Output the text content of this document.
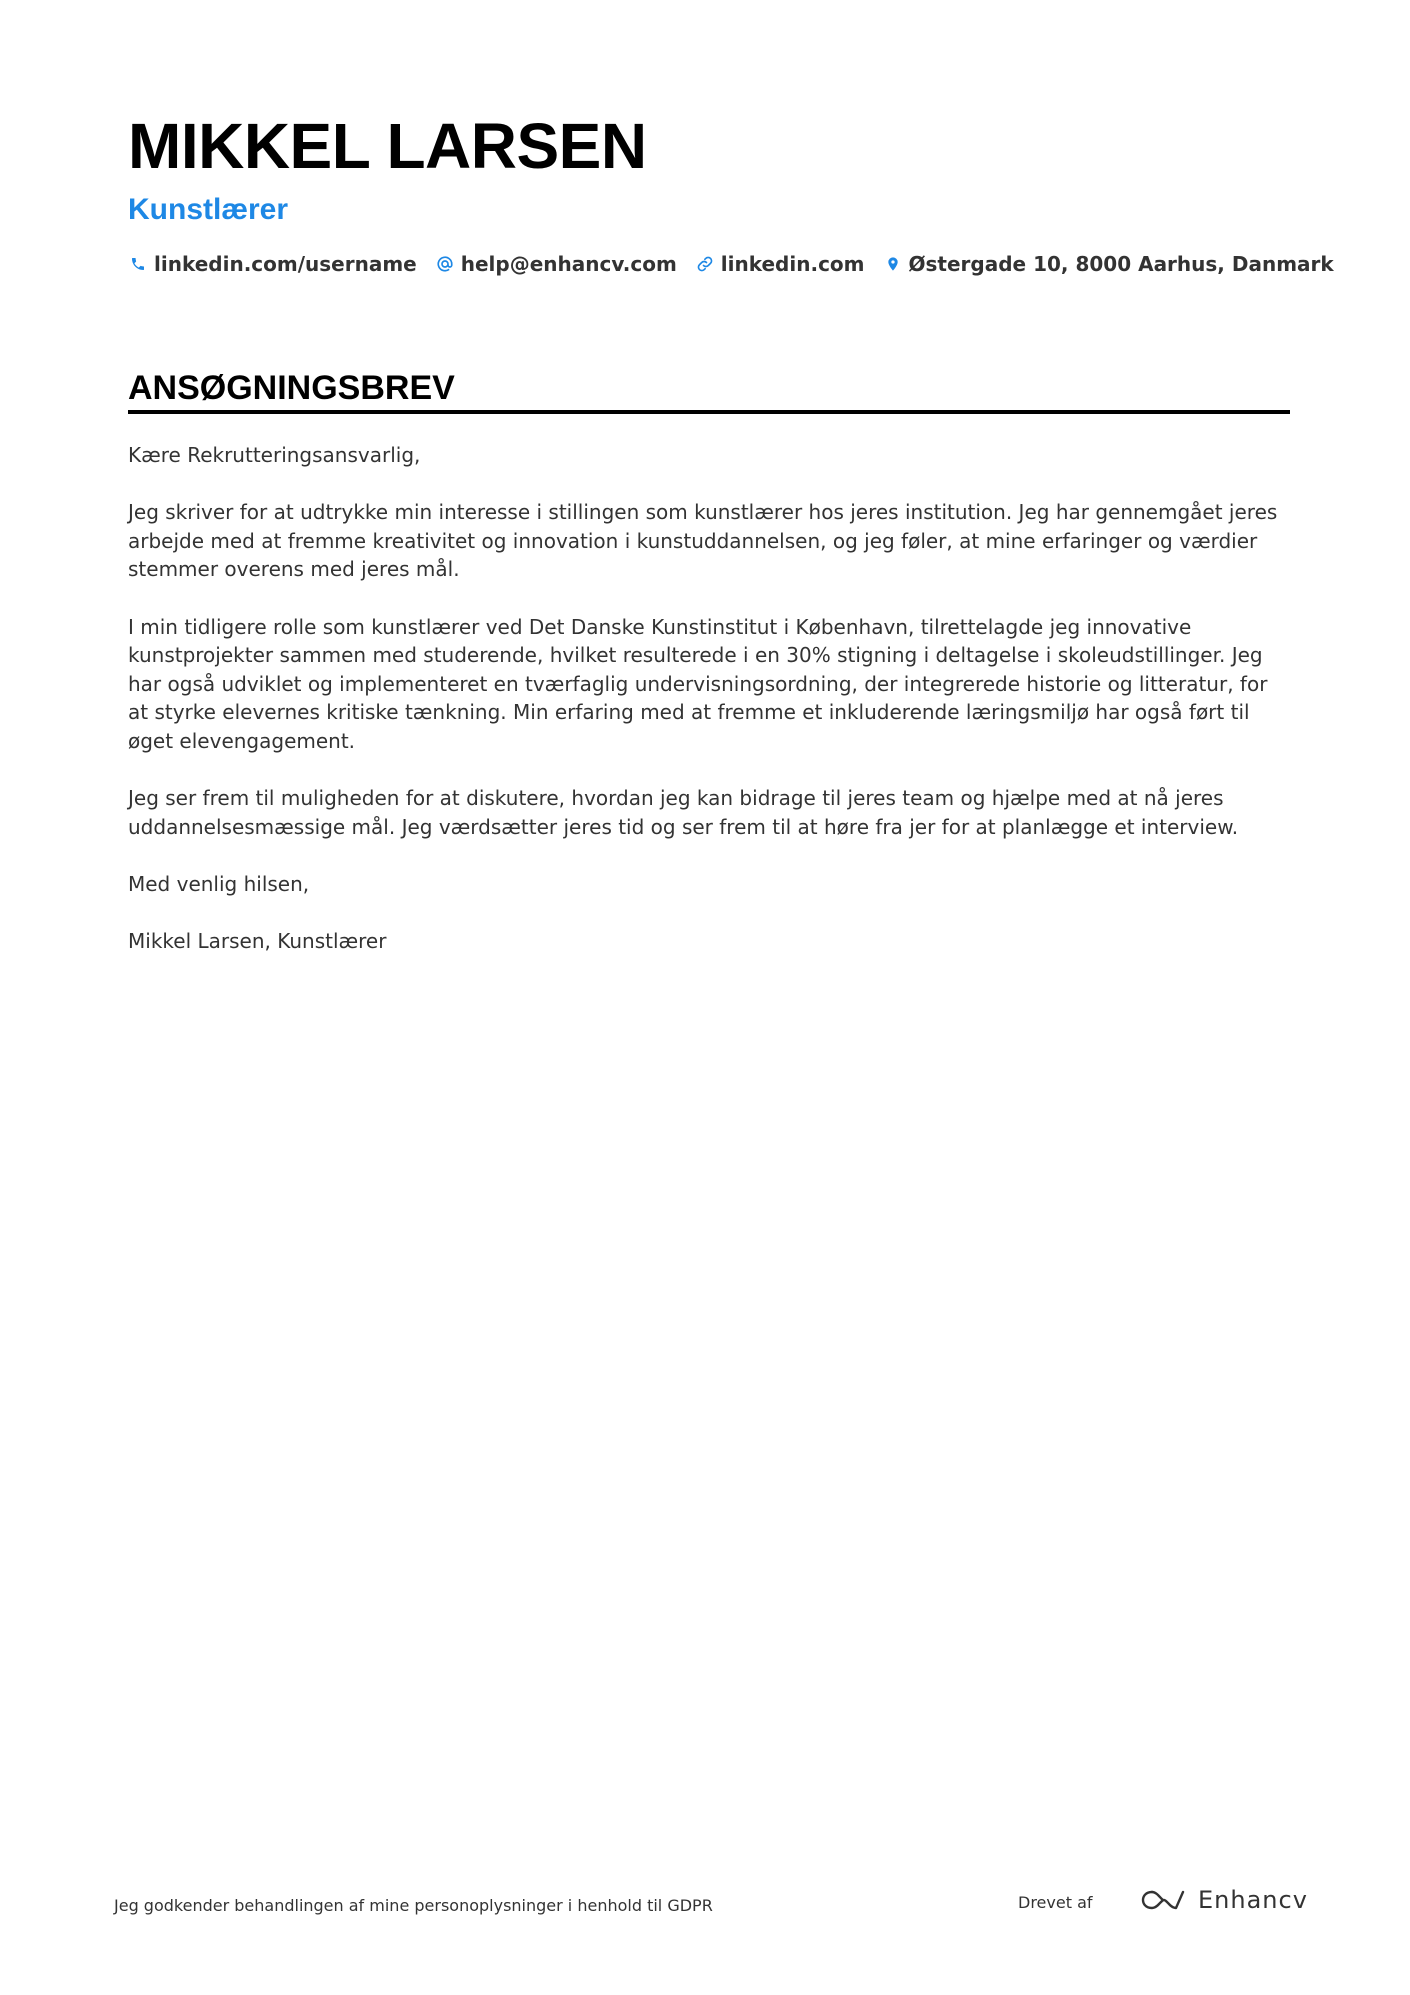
MIKKEL LARSEN
Kunstlærer
linkedin.com/username help@enhancv.com linkedin.com Østergade 10, 8000 Aarhus, Danmark
ANSØGNINGSBREV

Kære Rekrutteringsansvarlig,

Jeg skriver for at udtrykke min interesse i stillingen som kunstlærer hos jeres institution. Jeg har gennemgået jeres arbejde med at fremme kreativitet og innovation i kunstuddannelsen, og jeg føler, at mine erfaringer og værdier stemmer overens med jeres mål.

I min tidligere rolle som kunstlærer ved Det Danske Kunstinstitut i København, tilrettelagde jeg innovative kunstprojekter sammen med studerende, hvilket resulterede i en 30% stigning i deltagelse i skoleudstillinger. Jeg har også udviklet og implementeret en tværfaglig undervisningsordning, der integrerede historie og litteratur, for at styrke elevernes kritiske tænkning. Min erfaring med at fremme et inkluderende læringsmiljø har også ført til øget elevengagement.

Jeg ser frem til muligheden for at diskutere, hvordan jeg kan bidrage til jeres team og hjælpe med at nå jeres uddannelsesmæssige mål. Jeg værdsætter jeres tid og ser frem til at høre fra jer for at planlægge et interview.

Med venlig hilsen,

Mikkel Larsen, Kunstlærer

Jeg godkender behandlingen af mine personoplysninger i henhold til GDPR	Drevet af	Enhancv
